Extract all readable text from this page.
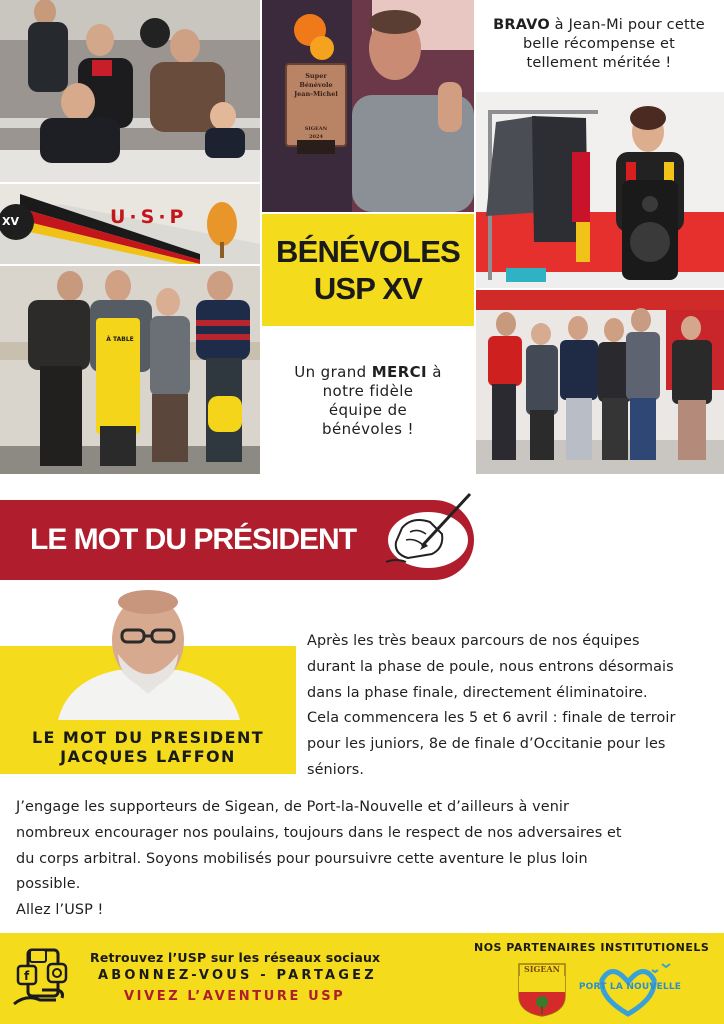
Super
Bénévole
Jean-Michel
SIGEAN
2024
U·S·P
XV
À TABLE
BRAVO à Jean-Mi pour cette
belle récompense et
tellement méritée !
BÉNÉVOLES
USP XV
Un grand MERCI à
notre fidèle
équipe de
bénévoles !
LE MOT DU PRÉSIDENT
LE MOT DU PRESIDENT
JACQUES LAFFON
Après les très beaux parcours de nos équipes
durant la phase de poule, nous entrons désormais
dans la phase finale, directement éliminatoire.
Cela commencera les 5 et 6 avril : finale de terroir
pour les juniors, 8e de finale d’Occitanie pour les
séniors.
J’engage les supporteurs de Sigean, de Port-la-Nouvelle et d’ailleurs à venir
nombreux encourager nos poulains, toujours dans le respect de nos adversaires et
du corps arbitral. Soyons mobilisés pour poursuivre cette aventure le plus loin
possible.
Allez l’USP !
f
Retrouvez l’USP sur les réseaux sociaux
ABONNEZ-VOUS - PARTAGEZ
VIVEZ L’AVENTURE USP
NOS PARTENAIRES INSTITUTIONELS
SIGEAN
PORT LA NOUVELLE
